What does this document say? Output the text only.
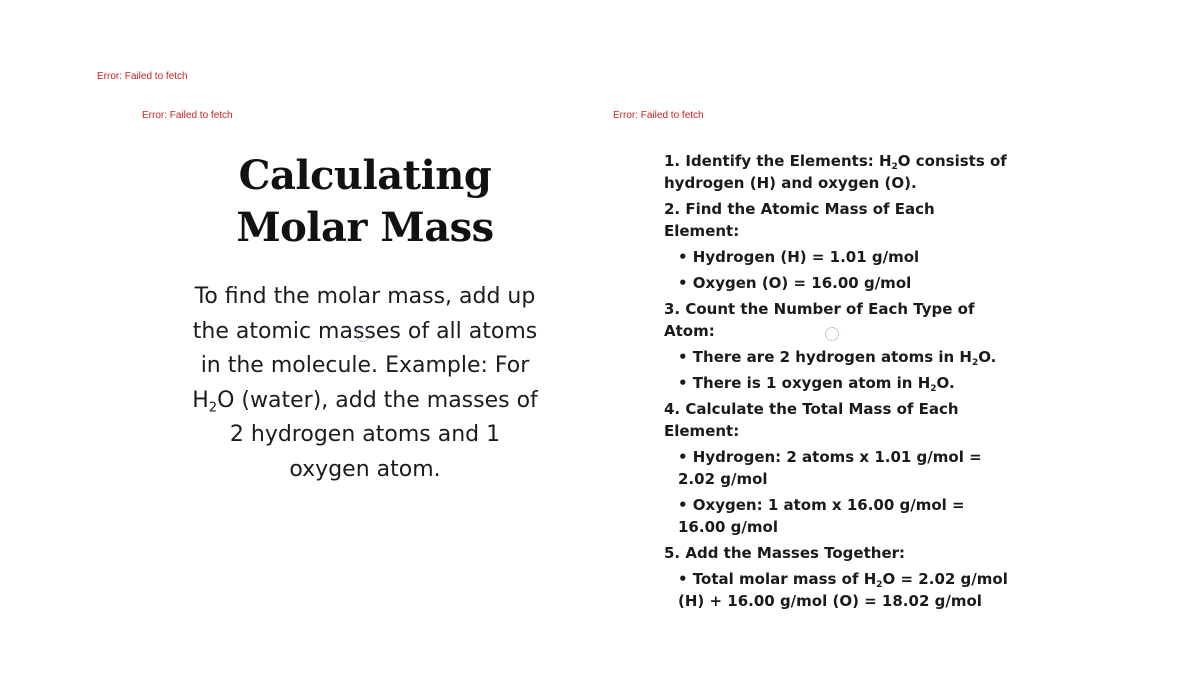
Error: Failed to fetch
Error: Failed to fetch	Error: Failed to fetch
Calculating
Molar Mass
To find the molar mass, add up the atomic masses of all atoms in the molecule. Example: For $H_2O$ (water), add the masses of 2 hydrogen atoms and 1 oxygen atom.

1. Identify the Elements: $H_2O$ consists of hydrogen (H) and oxygen (O).

2. Find the Atomic Mass of Each Element:

• Hydrogen (H) = 1.01 g/mol

• Oxygen (O) = 16.00 g/mol

3. Count the Number of Each Type of Atom:

• There are 2 hydrogen atoms in $H_2O$.

• There is 1 oxygen atom in $H_2O$.

4. Calculate the Total Mass of Each Element:

• Hydrogen: 2 atoms x 1.01 g/mol = 2.02 g/mol

• Oxygen: 1 atom x 16.00 g/mol = 16.00 g/mol

5. Add the Masses Together:

• Total molar mass of $H_2O = 2.02$ g/mol (H) + 16.00 g/mol (O) = 18.02 g/mol
